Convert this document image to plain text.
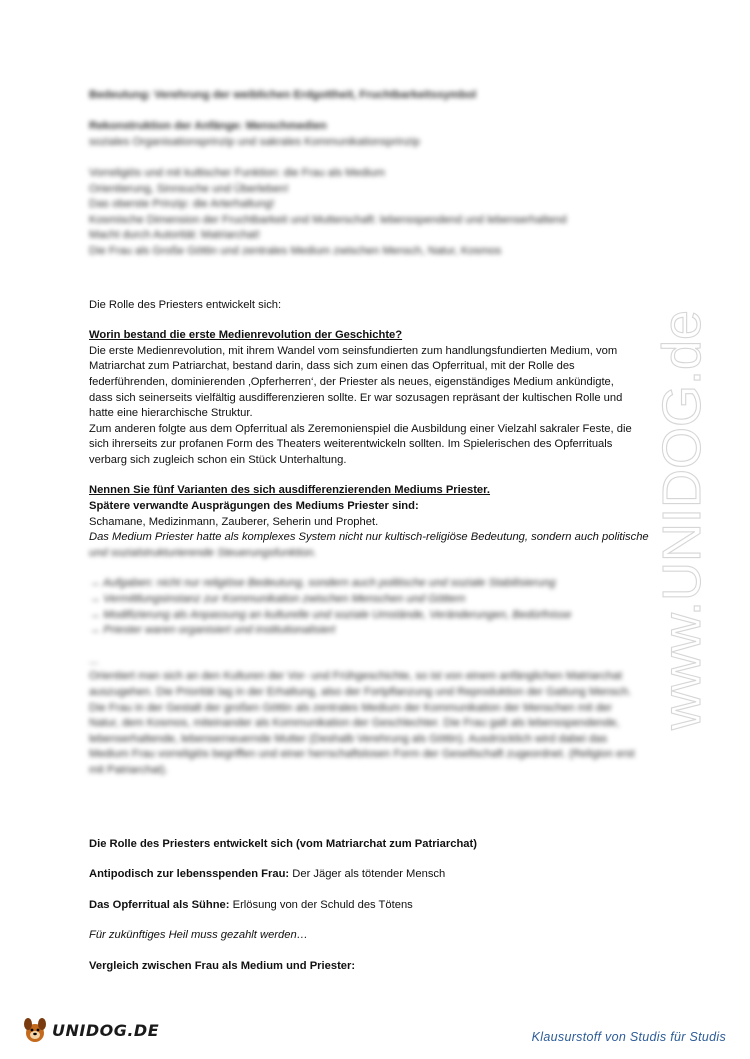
www.UNIDOG.de
Bedeutung: Verehrung der weiblichen Erdgottheit, Fruchtbarkeitssymbol

Rekonstruktion der Anfänge: Menschmedien
soziales Organisationsprinzip und sakrales Kommunikationsprinzip

Vorreligiös und mit kultischer Funktion: die Frau als Medium
Orientierung, Sinnsuche und Überleben!
Das oberste Prinzip: die Arterhaltung!
Kosmische Dimension der Fruchtbarkeit und Mutterschaft: lebensspendend und lebenserhaltend
Macht durch Autorität: Matriarchat!
Die Frau als Große Göttin und zentrales Medium zwischen Mensch, Natur, Kosmos
Die Rolle des Priesters entwickelt sich:
Worin bestand die erste Medienrevolution der Geschichte?
Die erste Medienrevolution, mit ihrem Wandel vom seinsfundierten zum handlungsfundierten Medium, vom
Matriarchat zum Patriarchat, bestand darin, dass sich zum einen das Opferritual, mit der Rolle des
federführenden, dominierenden ‚Opferherren‘, der Priester als neues, eigenständiges Medium ankündigte,
dass sich seinerseits vielfältig ausdifferenzieren sollte. Er war sozusagen repräsant der kultischen Rolle und
hatte eine hierarchische Struktur.
Zum anderen folgte aus dem Opferritual als Zeremonienspiel die Ausbildung einer Vielzahl sakraler Feste, die
sich ihrerseits zur profanen Form des Theaters weiterentwickeln sollten. Im Spielerischen des Opferrituals
verbarg sich zugleich schon ein Stück Unterhaltung.
Nennen Sie fünf Varianten des sich ausdifferenzierenden Mediums Priester.
Spätere verwandte Ausprägungen des Mediums Priester sind:
Schamane, Medizinmann, Zauberer, Seherin und Prophet.
Das Medium Priester hatte als komplexes System nicht nur kultisch-religiöse Bedeutung, sondern auch politische
und sozialstrukturierende Steuerungsfunktion.
→ Aufgaben: nicht nur religiöse Bedeutung, sondern auch politische und soziale Stabilisierung
→ Vermittlungsinstanz zur Kommunikation zwischen Menschen und Göttern
→ Modifizierung als Anpassung an kulturelle und soziale Umstände, Veränderungen, Bedürfnisse
→ Priester waren organisiert und institutionalisiert
...
Orientiert man sich an den Kulturen der Vor- und Frühgeschichte, so ist von einem anfänglichen Matriarchat
auszugehen. Die Priorität lag in der Erhaltung, also der Fortpflanzung und Reproduktion der Gattung Mensch.
Die Frau in der Gestalt der großen Göttin als zentrales Medium der Kommunikation der Menschen mit der
Natur, dem Kosmos, miteinander als Kommunikation der Geschlechter. Die Frau galt als lebensspendende,
lebenserhaltende, lebenserneuernde Mutter (Deshalb Verehrung als Göttin). Ausdrücklich wird dabei das
Medium Frau vorreligiös begriffen und einer herrschaftslosen Form der Gesellschaft zugeordnet. (Religion erst
mit Patriarchat).
Die Rolle des Priesters entwickelt sich (vom Matriarchat zum Patriarchat)
Antipodisch zur lebensspenden Frau: Der Jäger als tötender Mensch
Das Opferritual als Sühne: Erlösung von der Schuld des Tötens
Für zukünftiges Heil muss gezahlt werden…
Vergleich zwischen Frau als Medium und Priester:
UNIDOG.DE	Klausurstoff von Studis für Studis
